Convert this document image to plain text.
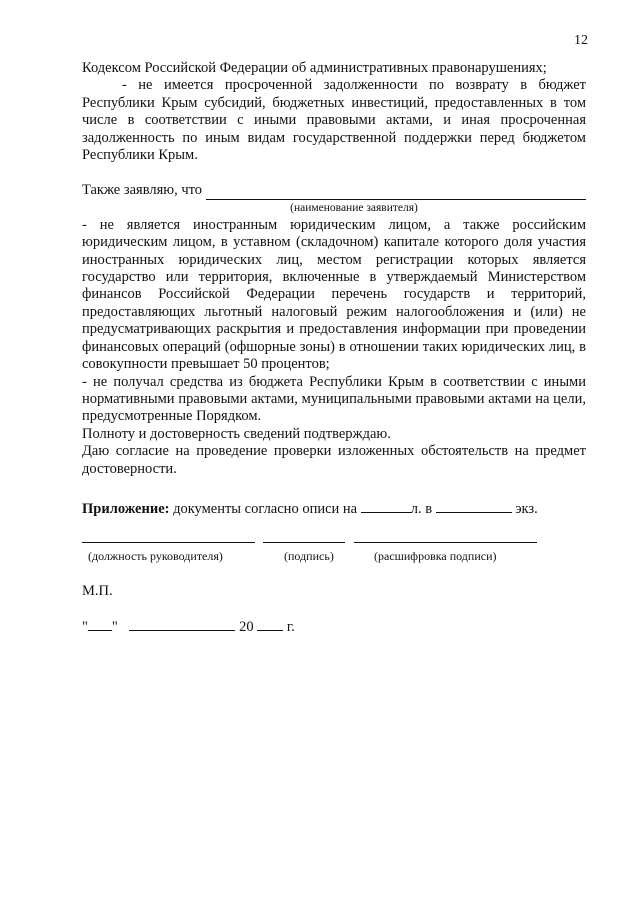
12

Кодексом Российской Федерации об административных правонарушениях;

- не имеется просроченной задолженности по возврату в бюджет Республики Крым субсидий, бюджетных инвестиций, предоставленных в том числе в соответствии с иными правовыми актами, и иная просроченная задолженность по иным видам государственной поддержки перед бюджетом Республики Крым.

Также заявляю, что
(наименование заявителя)

- не является иностранным юридическим лицом, а также российским юридическим лицом, в уставном (складочном) капитале которого доля участия иностранных юридических лиц, местом регистрации которых является государство или территория, включенные в утверждаемый Министерством финансов Российской Федерации перечень государств и территорий, предоставляющих льготный налоговый режим налогообложения и (или) не предусматривающих раскрытия и предоставления информации при проведении финансовых операций (офшорные зоны) в отношении таких юридических лиц, в совокупности превышает 50 процентов;

- не получал средства из бюджета Республики Крым в соответствии с иными нормативными правовыми актами, муниципальными правовыми актами на цели, предусмотренные Порядком.

Полноту и достоверность сведений подтверждаю.

Даю согласие на проведение проверки изложенных обстоятельств на предмет достоверности.

Приложение: документы согласно описи на	л. в	экз.

(должность руководителя)	(подпись)	(расшифровка подписи)
М.П.
" "	20 г.
